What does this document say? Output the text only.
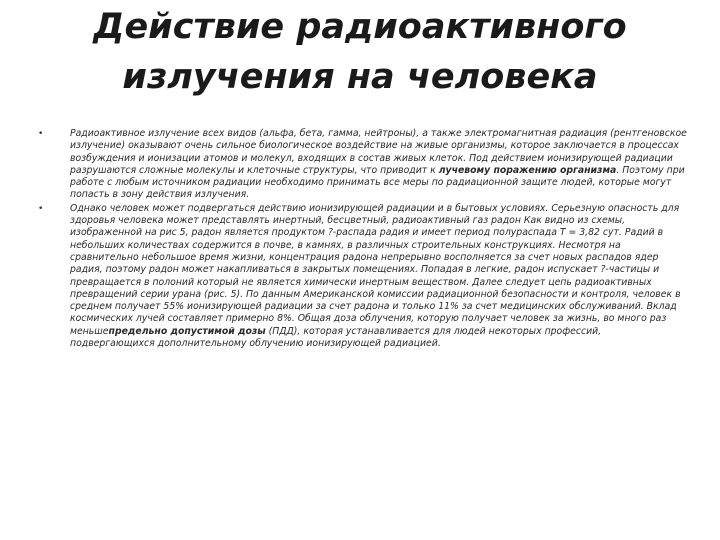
Действие радиоактивного
излучения на человека
•	Радиоактивное излучение всех видов (альфа, бета, гамма, нейтроны), а также электромагнитная радиация (рентгеновское излучение) оказывают очень сильное биологическое воздействие на живые организмы, которое заключается в процессах возбуждения и ионизации атомов и молекул, входящих в состав живых клеток. Под действием ионизирующей радиации разрушаются сложные молекулы и клеточные структуры, что приводит к лучевому поражению организма. Поэтому при работе с любым источником радиации необходимо принимать все меры по радиационной защите людей, которые могут попасть в зону действия излучения.
•	Однако человек может подвергаться действию ионизирующей радиации и в бытовых условиях. Серьезную опасность для здоровья человека может представлять инертный, бесцветный, радиоактивный газ радон Как видно из схемы, изображенной на рис 5, радон является продуктом ?-распада радия и имеет период полураспада T = 3,82 сут. Радий в небольших количествах содержится в почве, в камнях, в различных строительных конструкциях. Несмотря на сравнительно небольшое время жизни, концентрация радона непрерывно восполняется за счет новых распадов ядер радия, поэтому радон может накапливаться в закрытых помещениях. Попадая в легкие, радон испускает ?-частицы и превращается в полоний который не является химически инертным веществом. Далее следует цепь радиоактивных превращений серии урана (рис. 5). По данным Американской комиссии радиационной безопасности и контроля, человек в среднем получает 55% ионизирующей радиации за счет радона и только 11% за счет медицинских обслуживаний. Вклад космических лучей составляет примерно 8%. Общая доза облучения, которую получает человек за жизнь, во много раз меньшепредельно допустимой дозы (ПДД), которая устанавливается для людей некоторых профессий, подвергающихся дополнительному облучению ионизирующей радиацией.
